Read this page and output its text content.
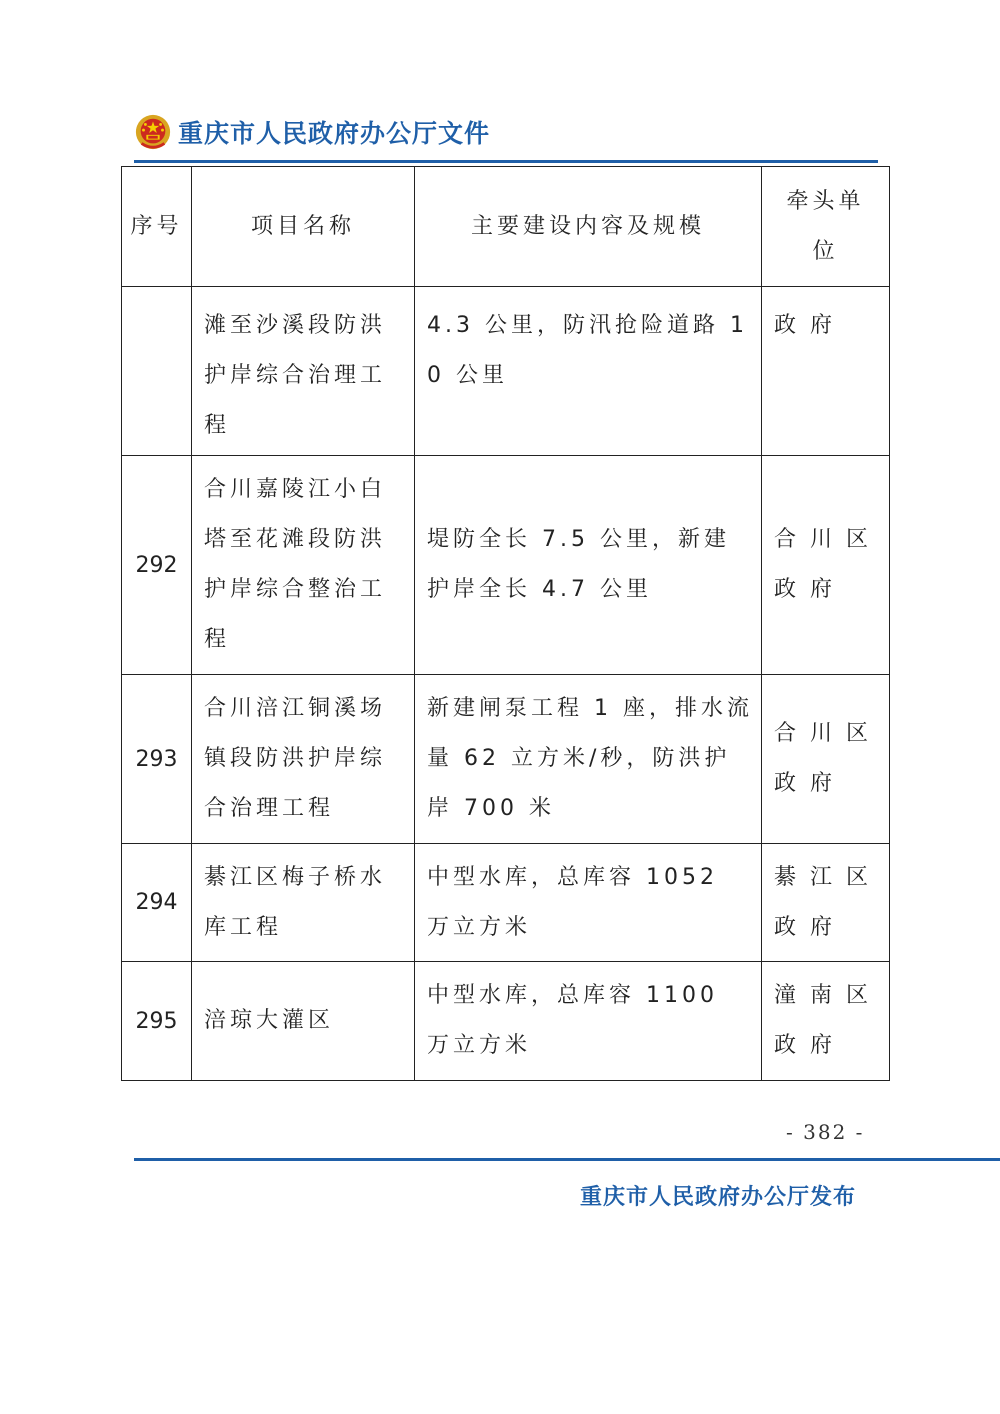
重庆市人民政府办公厅文件
序号	项目名称	主要建设内容及规模	牵头单位
	滩至沙溪段防洪护岸综合治理工程	4.3 公里，防汛抢险道路 10 公里	政府
292	合川嘉陵江小白塔至花滩段防洪护岸综合整治工程	堤防全长 7.5 公里，新建护岸全长 4.7 公里	合川区政府
293	合川涪江铜溪场镇段防洪护岸综合治理工程	新建闸泵工程 1 座，排水流量 62 立方米/秒，防洪护岸 700 米	合川区政府
294	綦江区梅子桥水库工程	中型水库，总库容 1052 万立方米	綦江区政府
295	涪琼大灌区	中型水库，总库容 1100 万立方米	潼南区政府
- 382 -
重庆市人民政府办公厅发布
